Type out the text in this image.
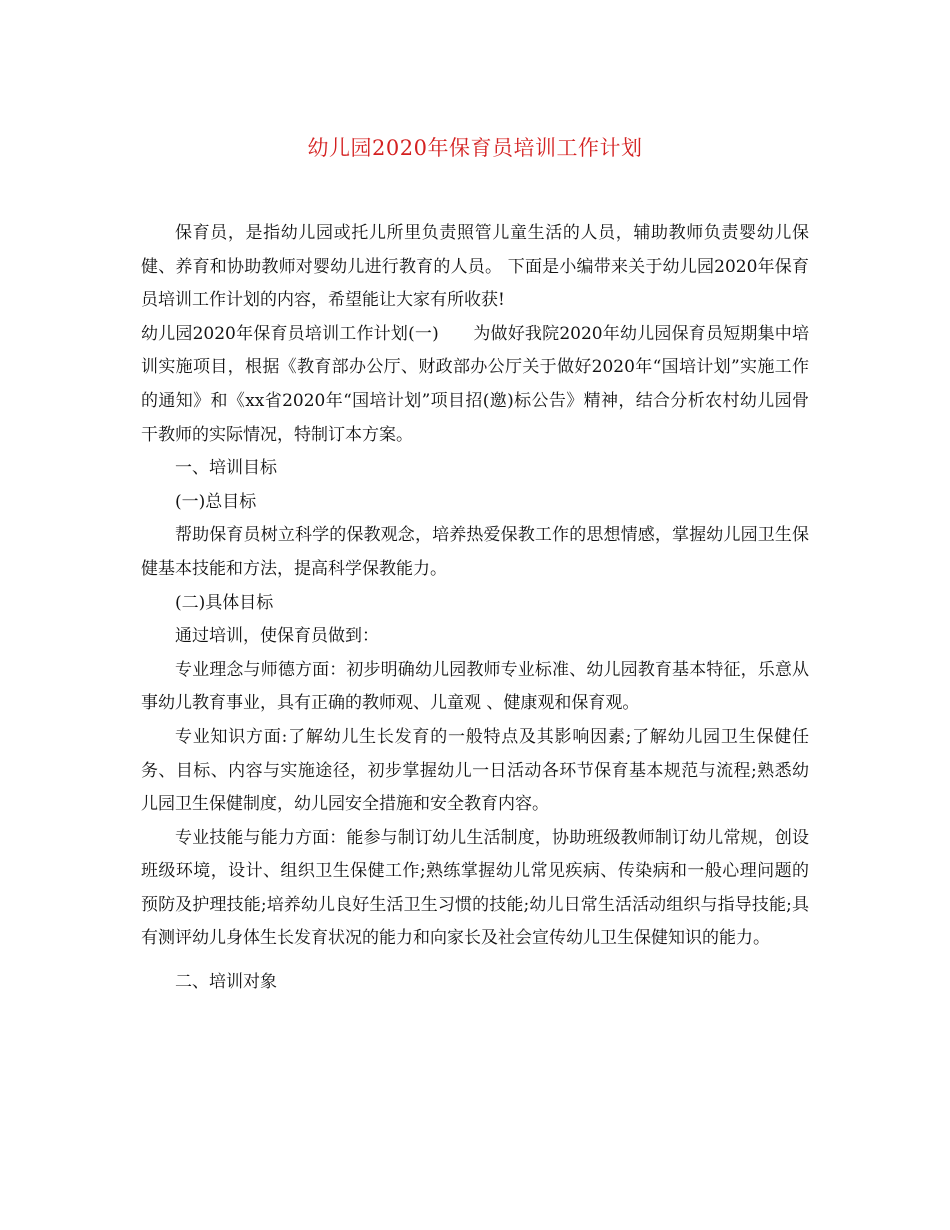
幼儿园2020年保育员培训工作计划

保育员，是指幼儿园或托儿所里负责照管儿童生活的人员，辅助教师负责婴幼儿保健、养育和协助教师对婴幼儿进行教育的人员。 下面是小编带来关于幼儿园2020年保育员培训工作计划的内容，希望能让大家有所收获!

幼儿园2020年保育员培训工作计划(一)　　为做好我院2020年幼儿园保育员短期集中培训实施项目，根据《教育部办公厅、财政部办公厅关于做好2020年“国培计划”实施工作的通知》和《xx省2020年“国培计划”项目招(邀)标公告》精神，结合分析农村幼儿园骨干教师的实际情况，特制订本方案。

一、培训目标

(一)总目标

帮助保育员树立科学的保教观念，培养热爱保教工作的思想情感，掌握幼儿园卫生保健基本技能和方法，提高科学保教能力。

(二)具体目标

通过培训，使保育员做到：

专业理念与师德方面：初步明确幼儿园教师专业标准、幼儿园教育基本特征，乐意从事幼儿教育事业，具有正确的教师观、儿童观 、健康观和保育观。

专业知识方面:了解幼儿生长发育的一般特点及其影响因素;了解幼儿园卫生保健任务、目标、内容与实施途径，初步掌握幼儿一日活动各环节保育基本规范与流程;熟悉幼儿园卫生保健制度，幼儿园安全措施和安全教育内容。

专业技能与能力方面：能参与制订幼儿生活制度，协助班级教师制订幼儿常规，创设班级环境，设计、组织卫生保健工作;熟练掌握幼儿常见疾病、传染病和一般心理问题的预防及护理技能;培养幼儿良好生活卫生习惯的技能;幼儿日常生活活动组织与指导技能;具有测评幼儿身体生长发育状况的能力和向家长及社会宣传幼儿卫生保健知识的能力。

二、培训对象
